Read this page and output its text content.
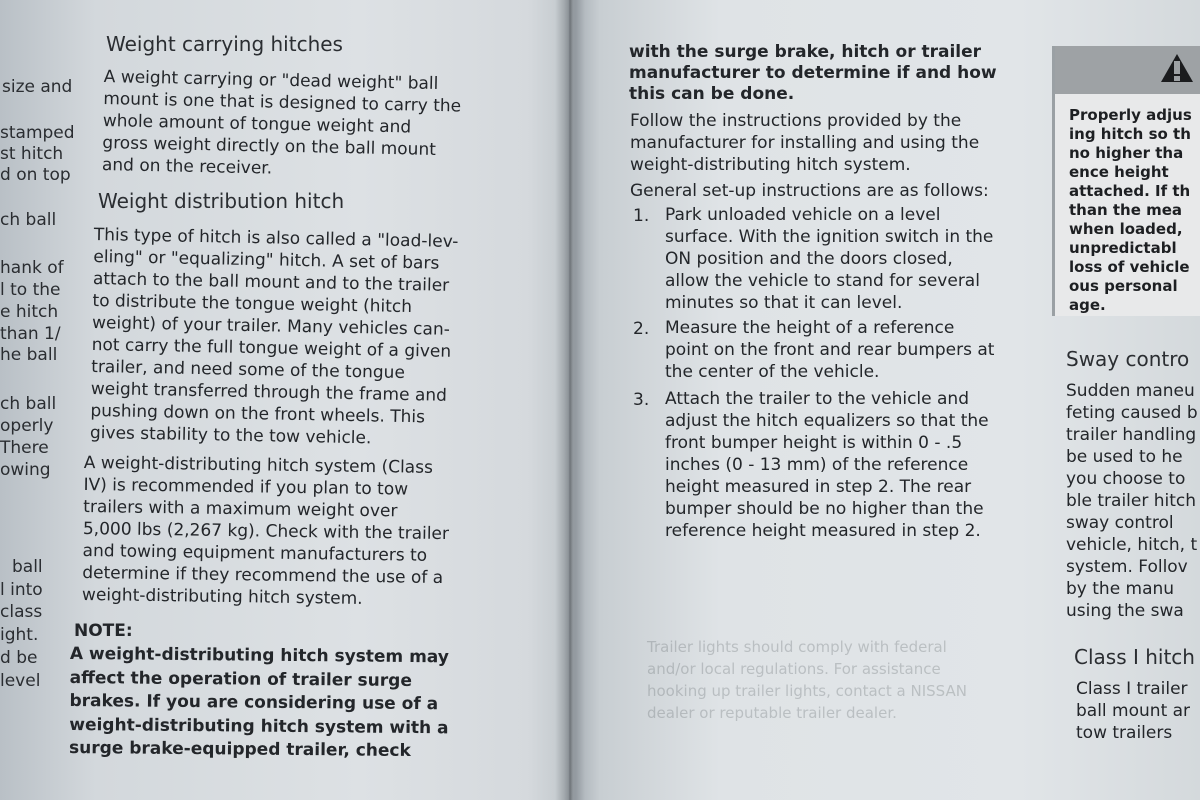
size and
stamped
st hitch
d on top
ch ball
hank of
l to the
e hitch
than 1/
he ball
ch ball
operly
There
owing
ball
l into
class
ight.
d be
level
Weight carrying hitches
A weight carrying or "dead weight" ball
mount is one that is designed to carry the
whole amount of tongue weight and
gross weight directly on the ball mount
and on the receiver.
Weight distribution hitch
This type of hitch is also called a "load-lev-
eling" or "equalizing" hitch. A set of bars
attach to the ball mount and to the trailer
to distribute the tongue weight (hitch
weight) of your trailer. Many vehicles can-
not carry the full tongue weight of a given
trailer, and need some of the tongue
weight transferred through the frame and
pushing down on the front wheels. This
gives stability to the tow vehicle.
A weight-distributing hitch system (Class
IV) is recommended if you plan to tow
trailers with a maximum weight over
5,000 lbs (2,267 kg). Check with the trailer
and towing equipment manufacturers to
determine if they recommend the use of a
weight-distributing hitch system.
NOTE:
A weight-distributing hitch system may
affect the operation of trailer surge
brakes. If you are considering use of a
weight-distributing hitch system with a
surge brake-equipped trailer, check
with the surge brake, hitch or trailer
manufacturer to determine if and how
this can be done.
Follow the instructions provided by the
manufacturer for installing and using the
weight-distributing hitch system.
General set-up instructions are as follows:
1. Park unloaded vehicle on a level
surface. With the ignition switch in the
ON position and the doors closed,
allow the vehicle to stand for several
minutes so that it can level.
2. Measure the height of a reference
point on the front and rear bumpers at
the center of the vehicle.
3. Attach the trailer to the vehicle and
adjust the hitch equalizers so that the
front bumper height is within 0 - .5
inches (0 - 13 mm) of the reference
height measured in step 2. The rear
bumper should be no higher than the
reference height measured in step 2.
Trailer lights should comply with federal
and/or local regulations. For assistance
hooking up trailer lights, contact a NISSAN
dealer or reputable trailer dealer.
Properly adjus
ing hitch so th
no higher tha
ence height
attached. If th
than the mea
when loaded,
unpredictabl
loss of vehicle
ous personal
age.
Sway contro
Sudden maneu
feting caused b
trailer handling
be used to he
you choose to
ble trailer hitch
sway control
vehicle, hitch, t
system. Follov
by the manu
using the swa
Class I hitch
Class I trailer
ball mount ar
tow trailers
